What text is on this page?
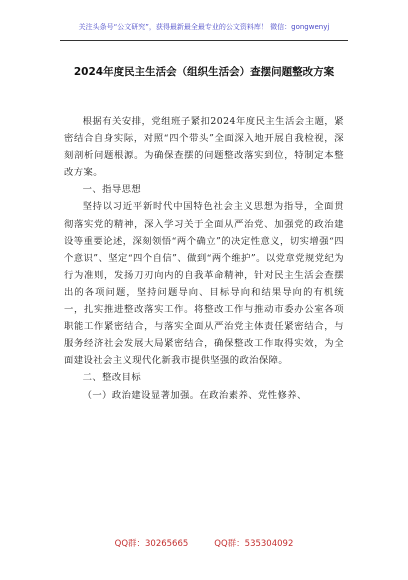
关注头条号“公文研究”，获得最新最全最专业的公文资料库！ 微信：gongwenyj
2024年度民主生活会（组织生活会）查摆问题整改方案

根据有关安排，党组班子紧扣2024年度民主生活会主题，紧密结合自身实际，对照“四个带头”全面深入地开展自我检视，深刻剖析问题根源。为确保查摆的问题整改落实到位，特制定本整改方案。

一、指导思想

坚持以习近平新时代中国特色社会主义思想为指导，全面贯彻落实党的精神，深入学习关于全面从严治党、加强党的政治建设等重要论述，深刻领悟“两个确立”的决定性意义，切实增强“四个意识”、坚定“四个自信”、做到“两个维护”。以党章党规党纪为行为准则，发扬刀刃向内的自我革命精神，针对民主生活会查摆出的各项问题，坚持问题导向、目标导向和结果导向的有机统一，扎实推进整改落实工作。将整改工作与推动市委办公室各项职能工作紧密结合，与落实全面从严治党主体责任紧密结合，与服务经济社会发展大局紧密结合，确保整改工作取得实效，为全面建设社会主义现代化新我市提供坚强的政治保障。

二、整改目标

（一）政治建设显著加强。在政治素养、党性修养、

QQ群：30265665	QQ群：535304092
